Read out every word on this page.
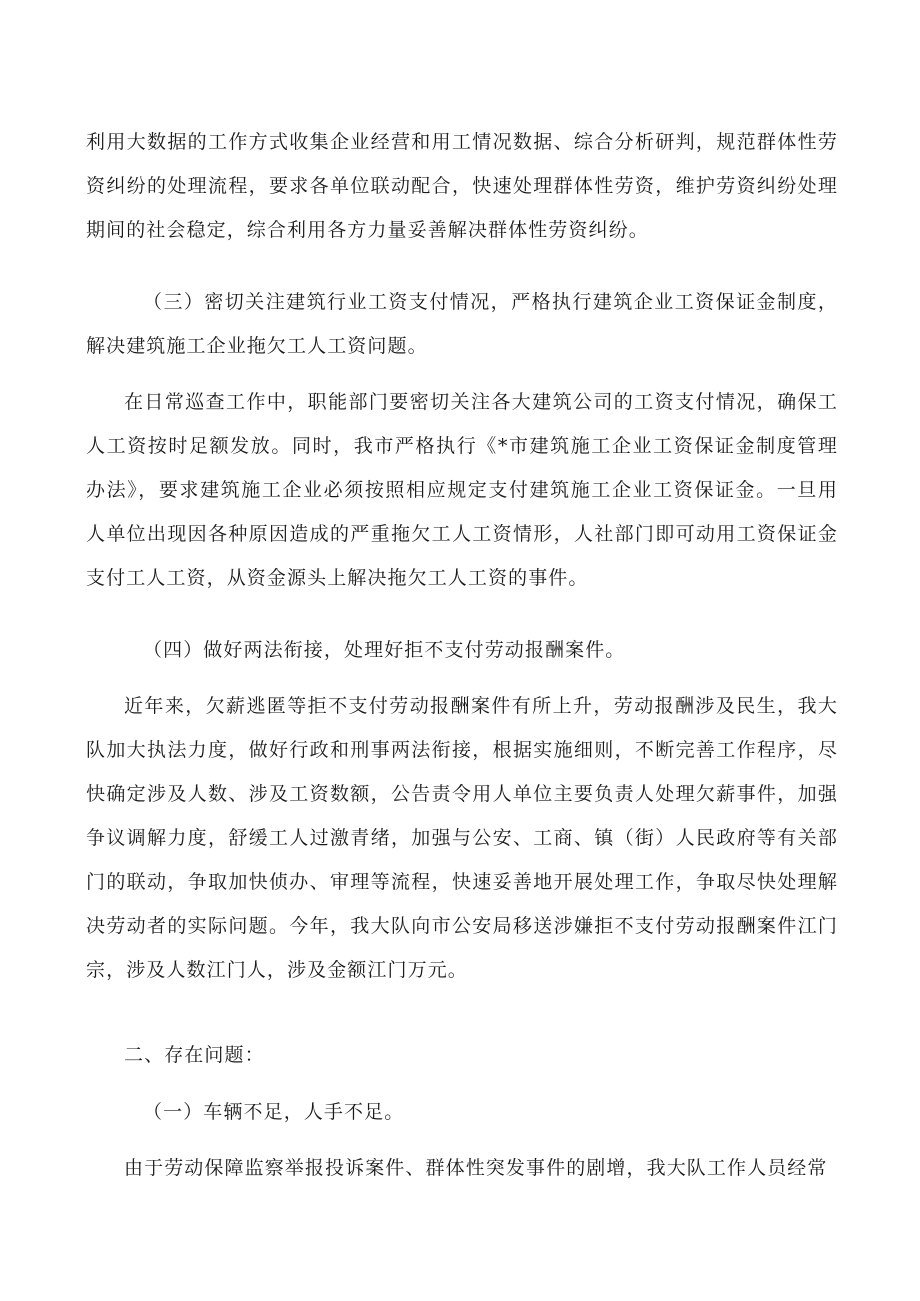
利用大数据的工作方式收集企业经营和用工情况数据、综合分析研判，规范群体性劳资纠纷的处理流程，要求各单位联动配合，快速处理群体性劳资，维护劳资纠纷处理期间的社会稳定，综合利用各方力量妥善解决群体性劳资纠纷。

（三）密切关注建筑行业工资支付情况，严格执行建筑企业工资保证金制度，解决建筑施工企业拖欠工人工资问题。

在日常巡查工作中，职能部门要密切关注各大建筑公司的工资支付情况，确保工人工资按时足额发放。同时，我市严格执行《*市建筑施工企业工资保证金制度管理办法》，要求建筑施工企业必须按照相应规定支付建筑施工企业工资保证金。一旦用人单位出现因各种原因造成的严重拖欠工人工资情形，人社部门即可动用工资保证金支付工人工资，从资金源头上解决拖欠工人工资的事件。

（四）做好两法衔接，处理好拒不支付劳动报酬案件。

近年来，欠薪逃匿等拒不支付劳动报酬案件有所上升，劳动报酬涉及民生，我大队加大执法力度，做好行政和刑事两法衔接，根据实施细则，不断完善工作程序，尽快确定涉及人数、涉及工资数额，公告责令用人单位主要负责人处理欠薪事件，加强争议调解力度，舒缓工人过激青绪，加强与公安、工商、镇（街）人民政府等有关部门的联动，争取加快侦办、审理等流程，快速妥善地开展处理工作，争取尽快处理解决劳动者的实际问题。今年，我大队向市公安局移送涉嫌拒不支付劳动报酬案件江门宗，涉及人数江门人，涉及金额江门万元。

二、存在问题：

（一）车辆不足，人手不足。

由于劳动保障监察举报投诉案件、群体性突发事件的剧增，我大队工作人员经常
